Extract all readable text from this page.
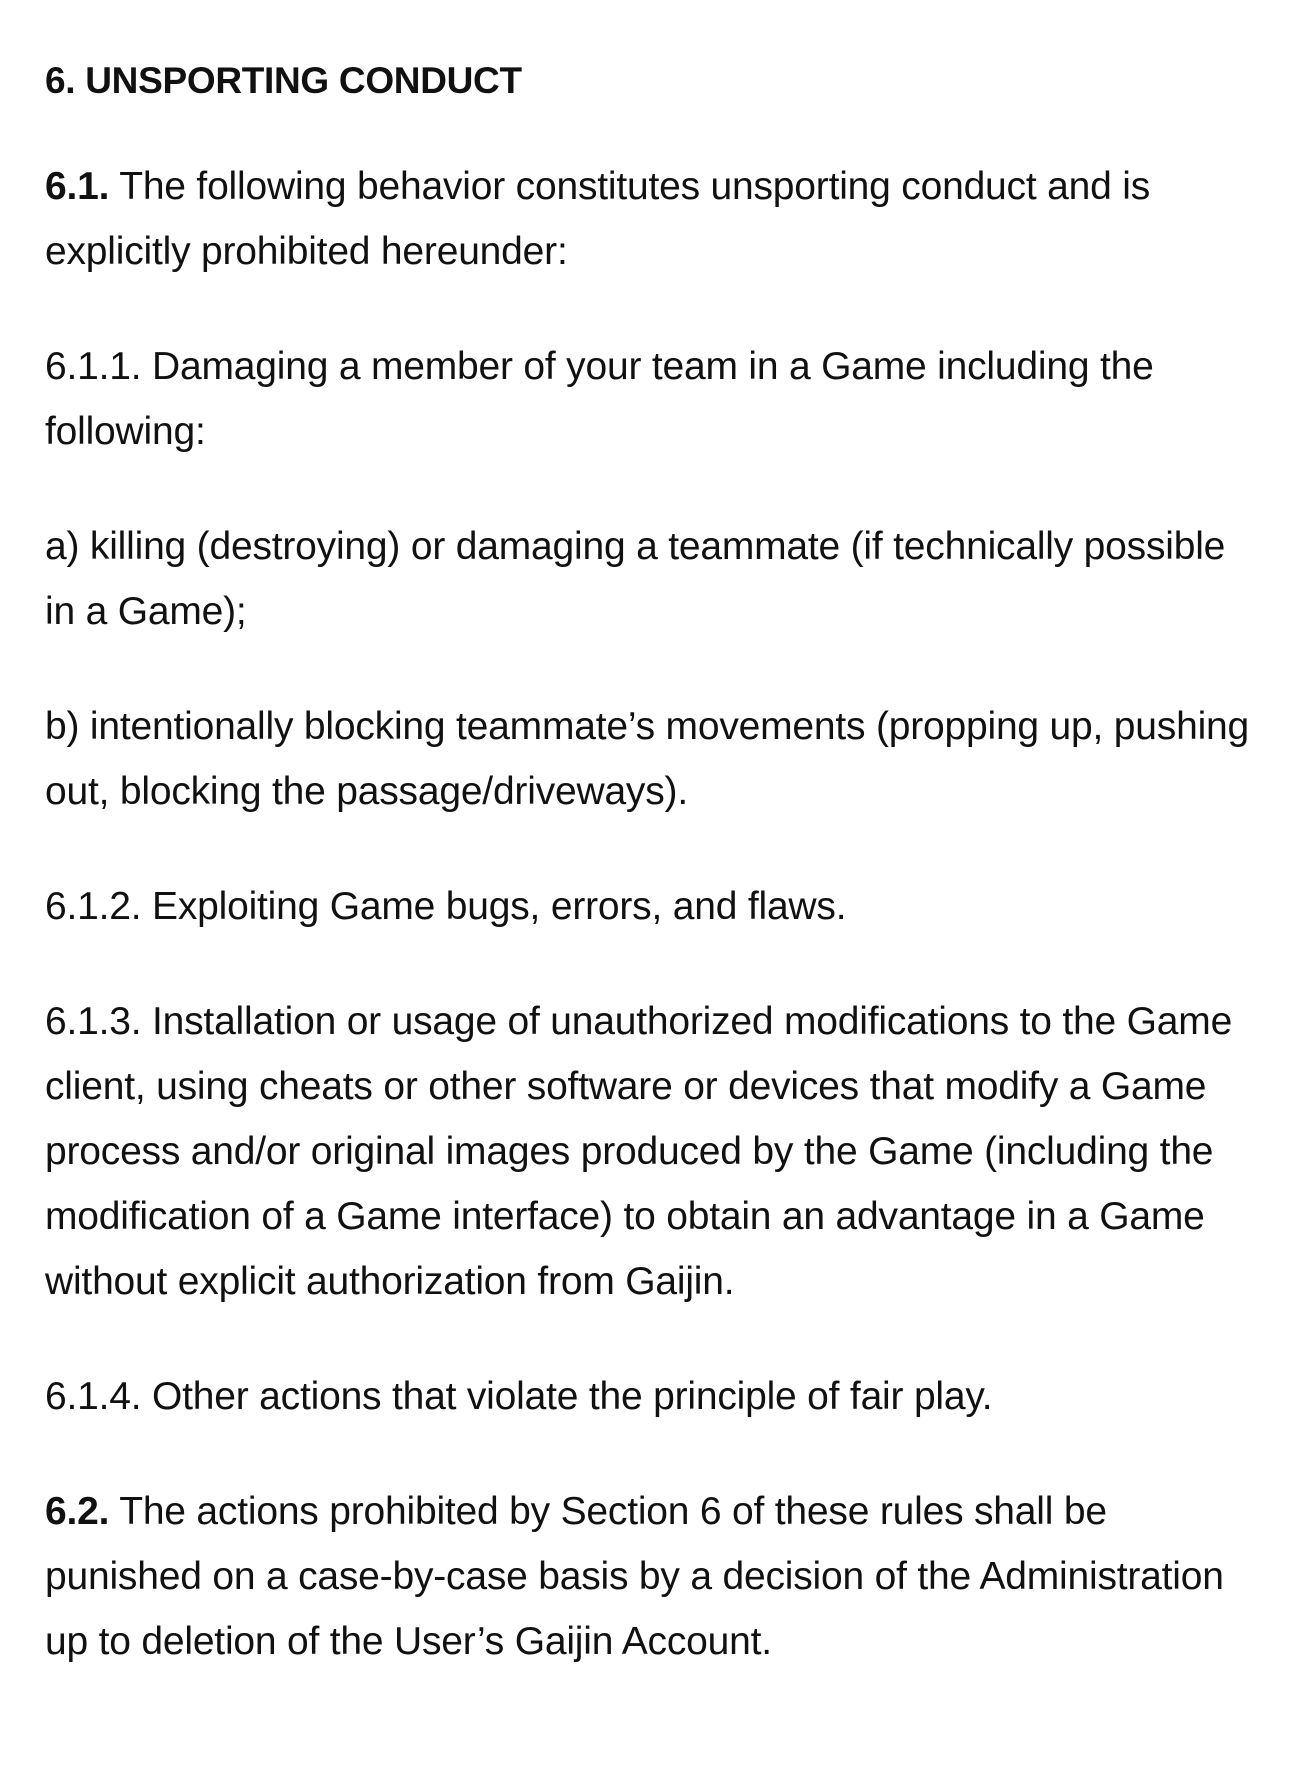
6. UNSPORTING CONDUCT

6.1. The following behavior constitutes unsporting conduct and is explicitly prohibited hereunder:

6.1.1. Damaging a member of your team in a Game including the following:

a) killing (destroying) or damaging a teammate (if technically possible in a Game);

b) intentionally blocking teammate’s movements (propping up, pushing out, blocking the passage/driveways).

6.1.2. Exploiting Game bugs, errors, and flaws.

6.1.3. Installation or usage of unauthorized modifications to the Game client, using cheats or other software or devices that modify a Game process and/or original images produced by the Game (including the modification of a Game interface) to obtain an advantage in a Game without explicit authorization from Gaijin.

6.1.4. Other actions that violate the principle of fair play.

6.2. The actions prohibited by Section 6 of these rules shall be punished on a case-by-case basis by a decision of the Administration up to deletion of the User’s Gaijin Account.
